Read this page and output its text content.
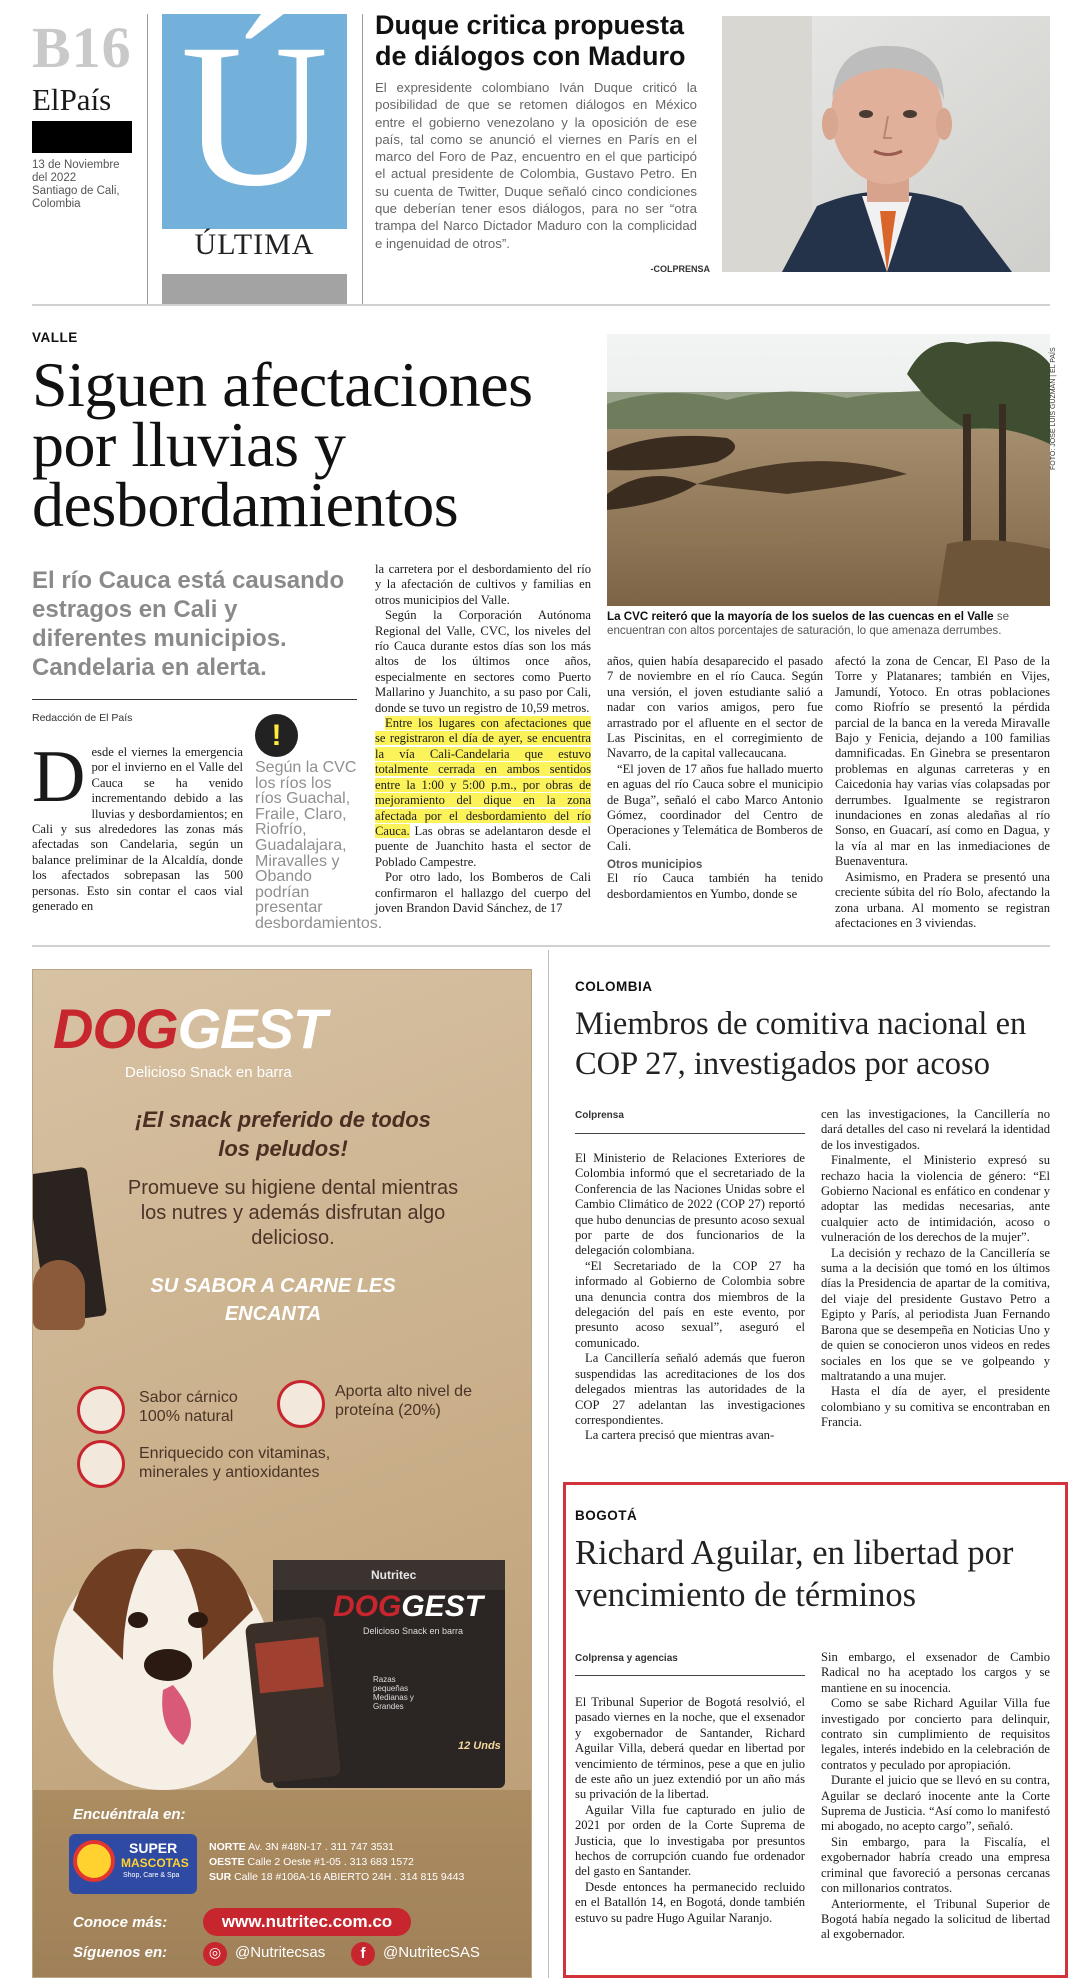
B16
ElPaís
13 de Noviembre
del 2022
Santiago de Cali,
Colombia Ú
ÚLTIMA
Duque critica propuesta de diálogos con Maduro
El expresidente colombiano Iván Duque criticó la posibilidad de que se retomen diálogos en México entre el gobierno venezolano y la oposición de ese país, tal como se anunció el viernes en París en el marco del Foro de Paz, encuentro en el que participó el actual presidente de Colombia, Gustavo Petro. En su cuenta de Twitter, Duque señaló cinco condiciones que deberían tener esos diálogos, para no ser “otra trampa del Narco Dictador Maduro con la complicidad e ingenuidad de otros”.
-COLPRENSA
VALLE
Siguen afectaciones por lluvias y desbordamientos
FOTO: JOSÉ LUIS GUZMÁN | EL PAÍS
La CVC reiteró que la mayoría de los suelos de las cuencas en el Valle se encuentran con altos porcentajes de saturación, lo que amenaza derrumbes.
El río Cauca está causando estragos en Cali y diferentes municipios. Candelaria en alerta.
Redacción de El País

Desde el viernes la emergencia por el invierno en el Valle del Cauca se ha venido incrementando debido a las lluvias y desbordamientos; en Cali y sus alrededores las zonas más afectadas son Candelaria, según un balance preliminar de la Alcaldía, donde los afectados sobrepasan las 500 personas. Esto sin contar el caos vial generado en

!
Según la CVC los ríos los ríos Guachal, Fraile, Claro, Riofrío, Guadalajara, Miravalles y Obando podrían presentar desbordamientos.

la carretera por el desbordamiento del río y la afectación de cultivos y familias en otros municipios del Valle.

Según la Corporación Autónoma Regional del Valle, CVC, los niveles del río Cauca durante estos días son los más altos de los últimos once años, especialmente en sectores como Puerto Mallarino y Juanchito, a su paso por Cali, donde se tuvo un registro de 10,59 metros.

Entre los lugares con afectaciones que se registraron el día de ayer, se encuentra la vía Cali-Candelaria que estuvo totalmente cerrada en ambos sentidos entre la 1:00 y 5:00 p.m., por obras de mejoramiento del dique en la zona afectada por el desbordamiento del río Cauca. Las obras se adelantaron desde el puente de Juanchito hasta el sector de Poblado Campestre.

Por otro lado, los Bomberos de Cali confirmaron el hallazgo del cuerpo del joven Brandon David Sánchez, de 17

años, quien había desaparecido el pasado 7 de noviembre en el río Cauca. Según una versión, el joven estudiante salió a nadar con varios amigos, pero fue arrastrado por el afluente en el sector de Las Piscinitas, en el corregimiento de Navarro, de la capital vallecaucana.

“El joven de 17 años fue hallado muerto en aguas del río Cauca sobre el municipio de Buga”, señaló el cabo Marco Antonio Gómez, coordinador del Centro de Operaciones y Telemática de Bomberos de Cali.

Otros municipios

El río Cauca también ha tenido desbordamientos en Yumbo, donde se

afectó la zona de Cencar, El Paso de la Torre y Platanares; también en Vijes, Jamundí, Yotoco. En otras poblaciones como Riofrío se presentó la pérdida parcial de la banca en la vereda Miravalle Bajo y Fenicia, dejando a 100 familias damnificadas. En Ginebra se presentaron problemas en algunas carreteras y en Caicedonia hay varias vías colapsadas por derrumbes. Igualmente se registraron inundaciones en zonas aledañas al río Sonso, en Guacarí, así como en Dagua, y la vía al mar en las inmediaciones de Buenaventura.

Asimismo, en Pradera se presentó una creciente súbita del río Bolo, afectando la zona urbana. Al momento se registran afectaciones en 3 viviendas.

DOGGEST
Delicioso Snack en barra
¡El snack preferido de todos los peludos!
Promueve su higiene dental mientras los nutres y además disfrutan algo delicioso.
SU SABOR A CARNE LES ENCANTA
Sabor cárnico 100% natural
Aporta alto nivel de proteína (20%)
Enriquecido con vitaminas, minerales y antioxidantes
Nutritec
DOGGEST
Delicioso Snack en barra
Razas pequeñas Medianas y Grandes
12 Unds
Encuéntrala en:
SUPER
MASCOTAS
Shop, Care & Spa
NORTE Av. 3N #48N-17 . 311 747 3531
OESTE Calle 2 Oeste #1-05 . 313 683 1572
SUR Calle 18 #106A-16 ABIERTO 24H . 314 815 9443
Conoce más:	www.nutritec.com.co
Síguenos en:	◎ @Nutritecsas	f	@NutritecSAS
COLOMBIA
Miembros de comitiva nacional en COP 27, investigados por acoso
Colprensa

El Ministerio de Relaciones Exteriores de Colombia informó que el secretariado de la Conferencia de las Naciones Unidas sobre el Cambio Climático de 2022 (COP 27) reportó que hubo denuncias de presunto acoso sexual por parte de dos funcionarios de la delegación colombiana.

“El Secretariado de la COP 27 ha informado al Gobierno de Colombia sobre una denuncia contra dos miembros de la delegación del país en este evento, por presunto acoso sexual”, aseguró el comunicado.

La Cancillería señaló además que fueron suspendidas las acreditaciones de los dos delegados mientras las autoridades de la COP 27 adelantan las investigaciones correspondientes.

La cartera precisó que mientras avan-

cen las investigaciones, la Cancillería no dará detalles del caso ni revelará la identidad de los investigados.

Finalmente, el Ministerio expresó su rechazo hacia la violencia de género: “El Gobierno Nacional es enfático en condenar y adoptar las medidas necesarias, ante cualquier acto de intimidación, acoso o vulneración de los derechos de la mujer”.

La decisión y rechazo de la Cancillería se suma a la decisión que tomó en los últimos días la Presidencia de apartar de la comitiva, del viaje del presidente Gustavo Petro a Egipto y París, al periodista Juan Fernando Barona que se desempeña en Noticias Uno y de quien se conocieron unos videos en redes sociales en los que se ve golpeando y maltratando a una mujer.

Hasta el día de ayer, el presidente colombiano y su comitiva se encontraban en Francia.

BOGOTÁ
Richard Aguilar, en libertad por vencimiento de términos
Colprensa y agencias

El Tribunal Superior de Bogotá resolvió, el pasado viernes en la noche, que el exsenador y exgobernador de Santander, Richard Aguilar Villa, deberá quedar en libertad por vencimiento de términos, pese a que en julio de este año un juez extendió por un año más su privación de la libertad.

Aguilar Villa fue capturado en julio de 2021 por orden de la Corte Suprema de Justicia, que lo investigaba por presuntos hechos de corrupción cuando fue ordenador del gasto en Santander.

Desde entonces ha permanecido recluido en el Batallón 14, en Bogotá, donde también estuvo su padre Hugo Aguilar Naranjo.

Sin embargo, el exsenador de Cambio Radical no ha aceptado los cargos y se mantiene en su inocencia.

Como se sabe Richard Aguilar Villa fue investigado por concierto para delinquir, contrato sin cumplimiento de requisitos legales, interés indebido en la celebración de contratos y peculado por apropiación.

Durante el juicio que se llevó en su contra, Aguilar se declaró inocente ante la Corte Suprema de Justicia. “Así como lo manifestó mi abogado, no acepto cargo”, señaló.

Sin embargo, para la Fiscalía, el exgobernador habría creado una empresa criminal que favoreció a personas cercanas con millonarios contratos.

Anteriormente, el Tribunal Superior de Bogotá había negado la solicitud de libertad al exgobernador.
